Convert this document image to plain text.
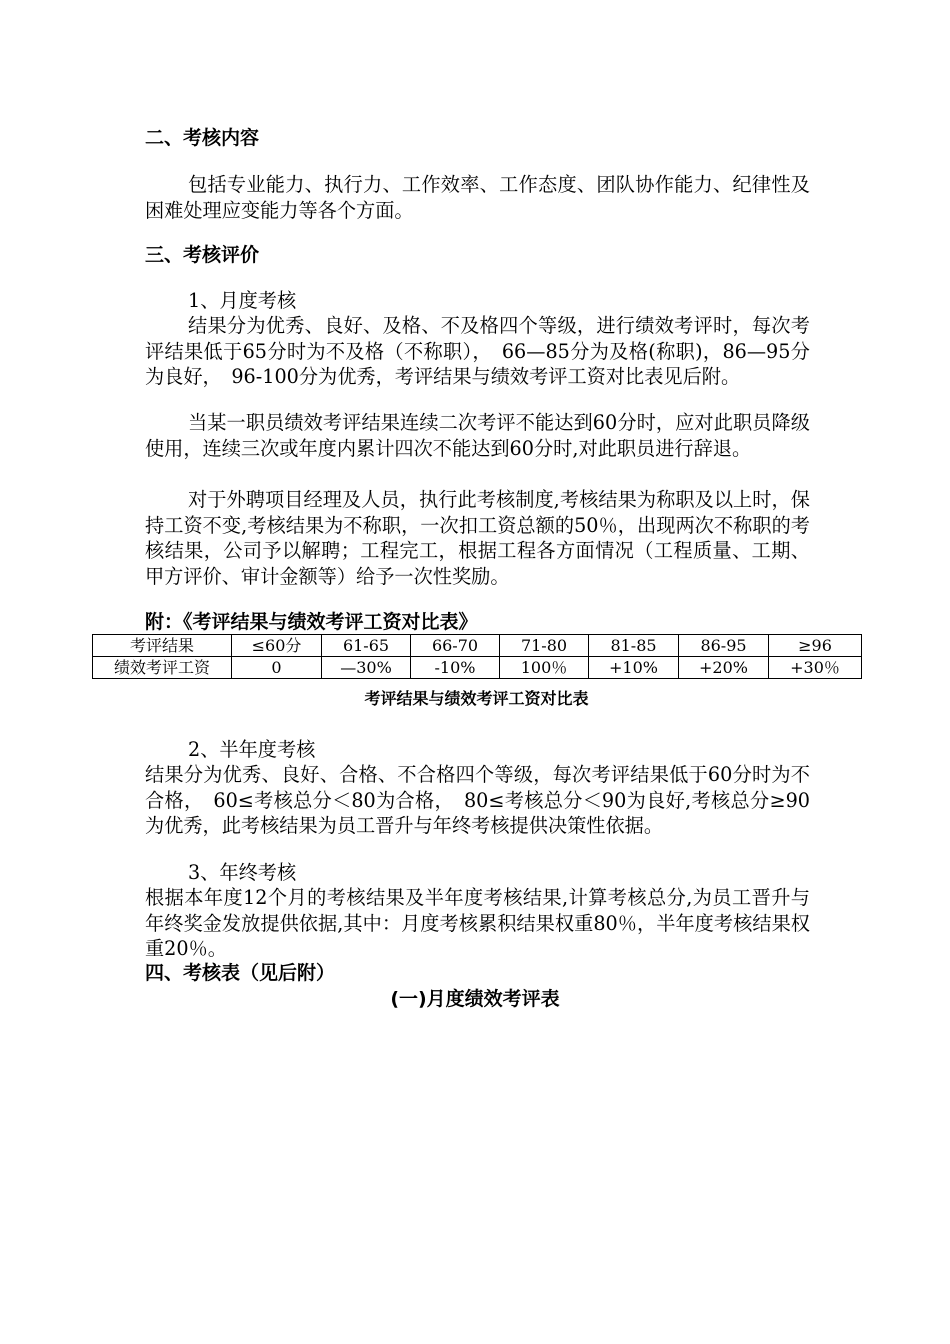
二、考核内容

包括专业能力、执行力、工作效率、工作态度、团队协作能力、纪律性及困难处理应变能力等各个方面。

三、考核评价

1、月度考核

结果分为优秀、良好、及格、不及格四个等级，进行绩效考评时，每次考评结果低于65分时为不及格（不称职），　66—85分为及格(称职)，86—95分为良好，　96-100分为优秀，考评结果与绩效考评工资对比表见后附。

当某一职员绩效考评结果连续二次考评不能达到60分时，应对此职员降级使用，连续三次或年度内累计四次不能达到60分时,对此职员进行辞退。

对于外聘项目经理及人员，执行此考核制度,考核结果为称职及以上时，保持工资不变,考核结果为不称职，一次扣工资总额的50％，出现两次不称职的考核结果，公司予以解聘；工程完工，根据工程各方面情况（工程质量、工期、甲方评价、审计金额等）给予一次性奖励。

附：《考评结果与绩效考评工资对比表》
考评结果	≤60分	61-65	66-70	71-80	81-85	86-95	≥96
绩效考评工资	0	—30%	-10%	100％	+10%	+20%	+30％

考评结果与绩效考评工资对比表

2、半年度考核

结果分为优秀、良好、合格、不合格四个等级，每次考评结果低于60分时为不合格，　60≤考核总分＜80为合格，　80≤考核总分＜90为良好,考核总分≥90为优秀，此考核结果为员工晋升与年终考核提供决策性依据。

3、年终考核

根据本年度12个月的考核结果及半年度考核结果,计算考核总分,为员工晋升与年终奖金发放提供依据,其中：月度考核累积结果权重80％，半年度考核结果权重20％。

四、考核表（见后附）
(一)月度绩效考评表
